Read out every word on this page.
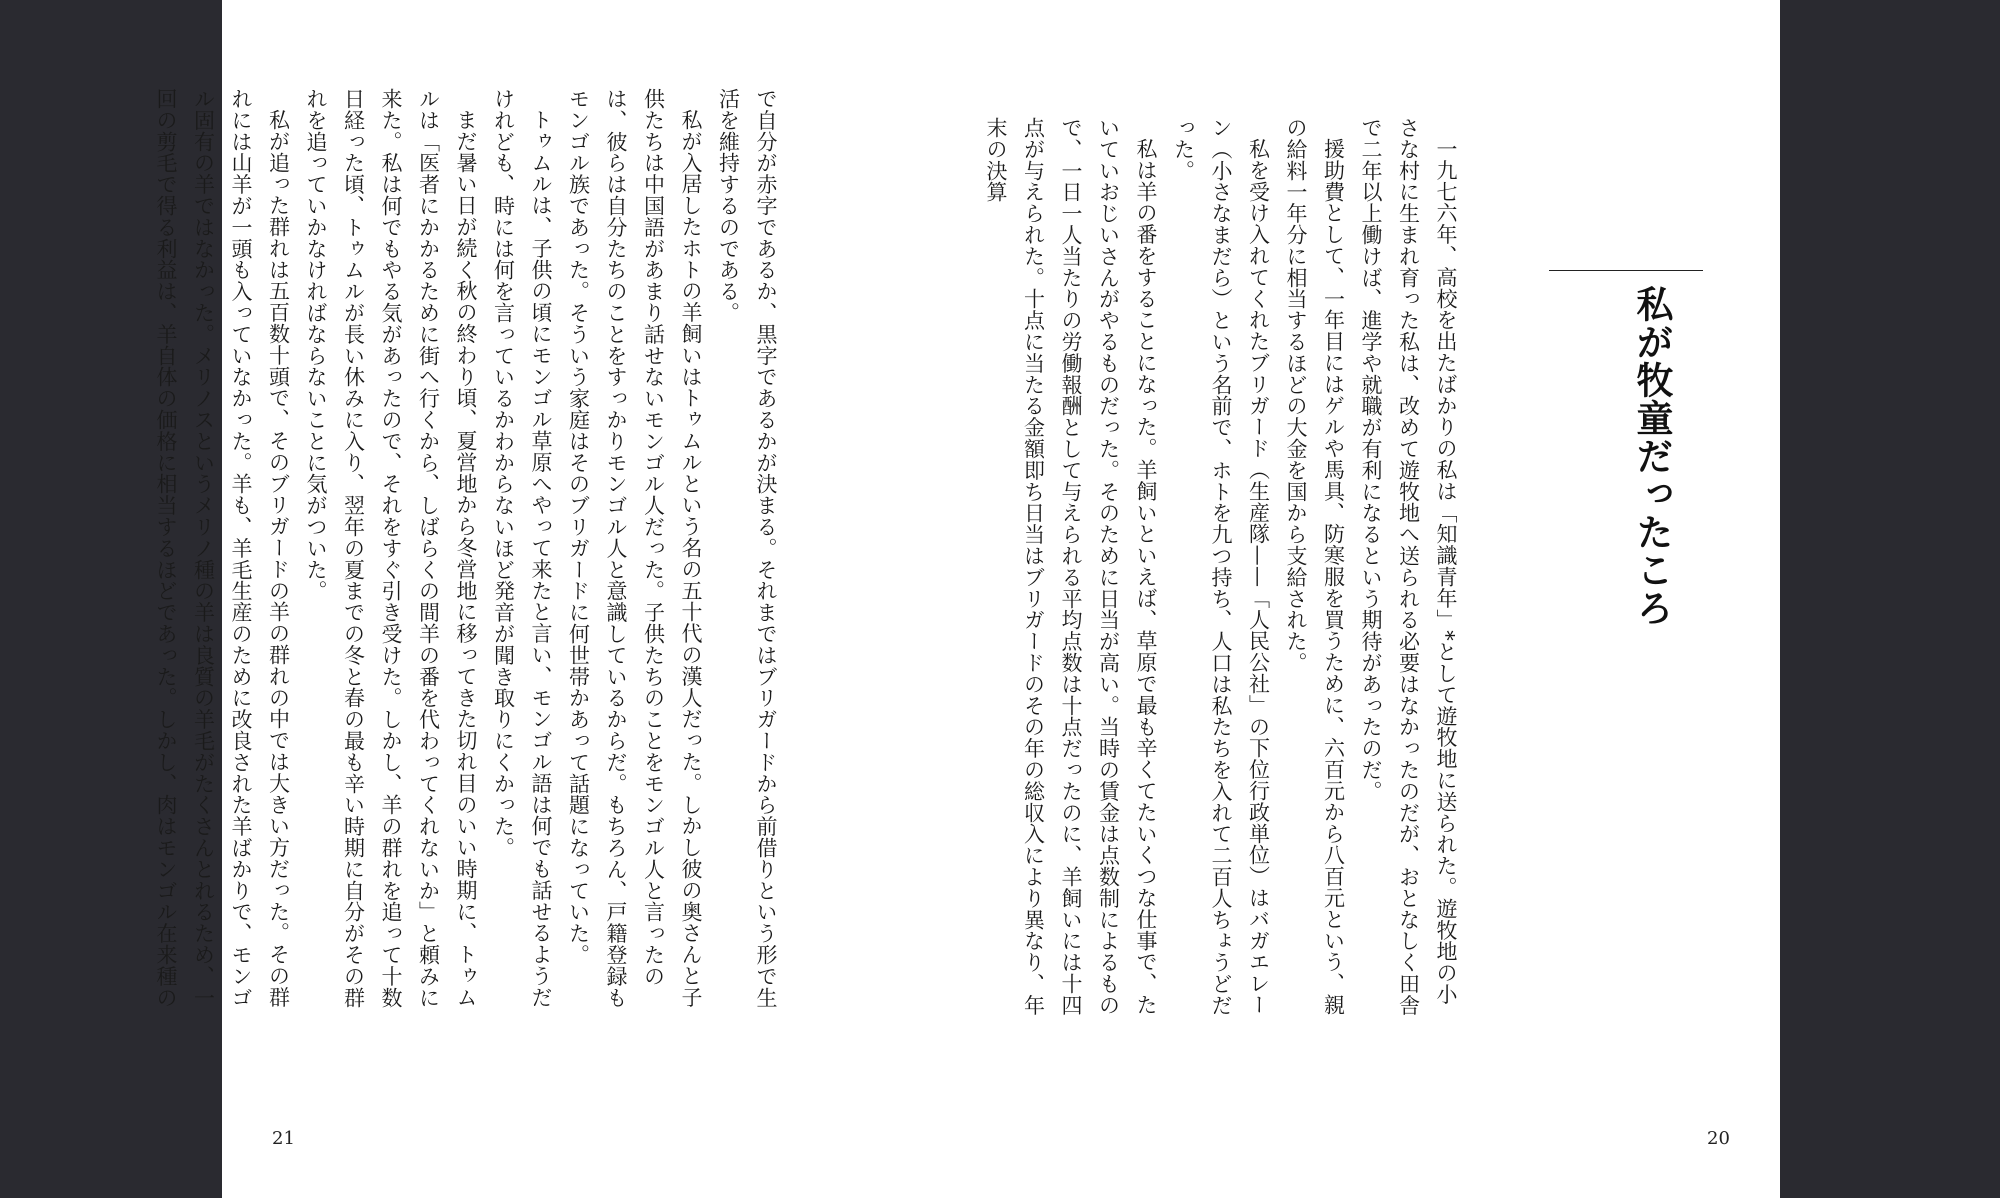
で自分が赤字であるか、黒字であるかが決まる。それまではブリガードから前借りという形で生活を維持するのである。
私が入居したホトの羊飼いはトゥムルという名の五十代の漢人だった。しかし彼の奥さんと子供たちは中国語があまり話せないモンゴル人だった。子供たちのことをモンゴル人と言ったのは、彼らは自分たちのことをすっかりモンゴル人と意識しているからだ。もちろん、戸籍登録もモンゴル族であった。そういう家庭はそのブリガードに何世帯かあって話題になっていた。
トゥムルは、子供の頃にモンゴル草原へやって来たと言い、モンゴル語は何でも話せるようだけれども、時には何を言っているかわからないほど発音が聞き取りにくかった。
まだ暑い日が続く秋の終わり頃、夏営地から冬営地に移ってきた切れ目のいい時期に、トゥムルは「医者にかかるために街へ行くから、しばらくの間羊の番を代わってくれないか」と頼みに来た。私は何でもやる気があったので、それをすぐ引き受けた。しかし、羊の群れを追って十数日経った頃、トゥムルが長い休みに入り、翌年の夏までの冬と春の最も辛い時期に自分がその群れを追っていかなければならないことに気がついた。
私が追った群れは五百数十頭で、そのブリガードの羊の群れの中では大きい方だった。その群れには山羊が一頭も入っていなかった。羊も、羊毛生産のために改良された羊ばかりで、モンゴル固有の羊ではなかった。メリノスというメリノ種の羊は良質の羊毛がたくさんとれるため、一回の剪毛で得る利益は、羊自体の価格に相当するほどであった。しかし、肉はモンゴル在来種の
21
私が牧童だったころ
一九七六年、高校を出たばかりの私は「知識青年」*として遊牧地に送られた。遊牧地の小さな村に生まれ育った私は、改めて遊牧地へ送られる必要はなかったのだが、おとなしく田舎で二年以上働けば、進学や就職が有利になるという期待があったのだ。
援助費として、一年目にはゲルや馬具、防寒服を買うために、六百元から八百元という、親の給料一年分に相当するほどの大金を国から支給された。
私を受け入れてくれたブリガード（生産隊——「人民公社」の下位行政単位）はバガエレーン（小さなまだら）という名前で、ホトを九つ持ち、人口は私たちを入れて二百人ちょうどだった。
私は羊の番をすることになった。羊飼いといえば、草原で最も辛くてたいくつな仕事で、たいていおじいさんがやるものだった。そのために日当が高い。当時の賃金は点数制によるもので、一日一人当たりの労働報酬として与えられる平均点数は十点だったのに、羊飼いには十四点が与えられた。十点に当たる金額即ち日当はブリガードのその年の総収入により異なり、年末の決算
20
